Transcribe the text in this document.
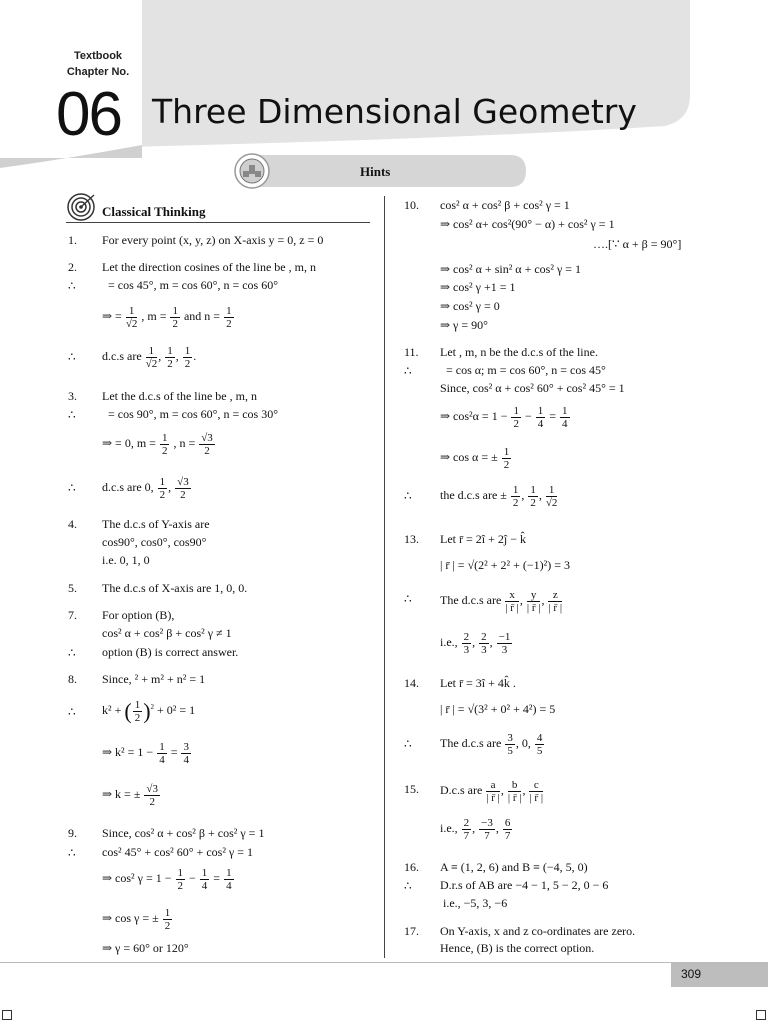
Textbook
Chapter No.
06 Three Dimensional Geometry
Hints
Classical Thinking
1. For every point (x, y, z) on X-axis y = 0, z = 0
2. Let the direction cosines of the line be , m, n
∴	= cos 45°, m = cos 60°, n = cos 60°
⇒ = $\frac{1}{√2}$ , $m = \frac{1}{2}$ and $n = \frac{1}{2}$
∴ d.c.s are $\frac{1}{√2}$ , $\frac{1}{2}$ , $\frac{1}{2}$ .
3. Let the d.c.s of the line be , m, n
∴	= cos 90°, m = cos 60°, n = cos 30°
⇒ = 0, $m = \frac{1}{2}$ , $n = \frac{√3}{2}$
∴ d.c.s are 0, $\frac{1}{2}$ , $\frac{√3}{2}$
4. The d.c.s of Y-axis are
cos90°, cos0°, cos90°
i.e. 0, 1, 0
5. The d.c.s of X-axis are 1, 0, 0.
7. For option (B),
cos² α + cos² β + cos² γ ≠ 1
∴ option (B) is correct answer.
8. Since, ² + m² + n² = 1
∴ k² + ( $\frac{1}{2} )^2 + 0^2 = 1$
⇒ $k^2 = 1 - \frac{1}{4} = \frac{3}{4}$
⇒ k = ± $\frac{√3}{2}$
9. Since, cos² α + cos² β + cos² γ = 1
∴ cos² 45° + cos² 60° + cos² γ = 1
⇒ cos² $\gamma = 1 - \frac{1}{2} - \frac{1}{4} = \frac{1}{4}$
⇒ cos γ = ± $\frac{1}{2}$
⇒ γ = 60° or 120°
10. cos² α + cos² β + cos² γ = 1
⇒ cos² α+ cos²(90° − α) + cos² γ = 1
….[∵ α + β = 90°]
⇒ cos² α + sin² α + cos² γ = 1
⇒ cos² γ +1 = 1
⇒ cos² γ = 0
⇒ γ = 90°
11. Let , m, n be the d.c.s of the line.
∴	= cos α; m = cos 60°, n = cos 45°
Since, cos² α + cos² 60° + cos² 45° = 1
⇒ $\cos^2\alpha = 1 - \frac{1}{2} - \frac{1}{4} = \frac{1}{4}$
⇒ cos α = ± $\frac{1}{2}$
∴ the d.c.s are ± $\frac{1}{2}$ , $\frac{1}{2}$ , $\frac{1}{√2}$
13. Let r̄ = 2î + 2ĵ − k̂
| r̄ | = √(2² + 2² + (−1)²) = 3
∴ The d.c.s are $\frac{x}{| r̄ |}$ , $\frac{y}{| r̄ |}$ , $\frac{z}{| r̄ |}$
i.e., $\frac{2}{3}$ , $\frac{2}{3}$ , $\frac{-1}{3}$
14. Let r̄ = 3î + 4k̂ .
| r̄ | = √(3² + 0² + 4²) = 5
∴ The d.c.s are $\frac{3}{5}$ , 0, $\frac{4}{5}$
15. D.c.s are $\frac{a}{| r̄ |}$ , $\frac{b}{| r̄ |}$ , $\frac{c}{| r̄ |}$
i.e., $\frac{2}{7}$ , $\frac{-3}{7}$ , $\frac{6}{7}$
16. A ≡ (1, 2, 6) and B ≡ (−4, 5, 0)
∴ D.r.s of AB are −4 − 1, 5 − 2, 0 − 6
i.e., −5, 3, −6
17. On Y-axis, x and z co-ordinates are zero.
Hence, (B) is the correct option.
309
